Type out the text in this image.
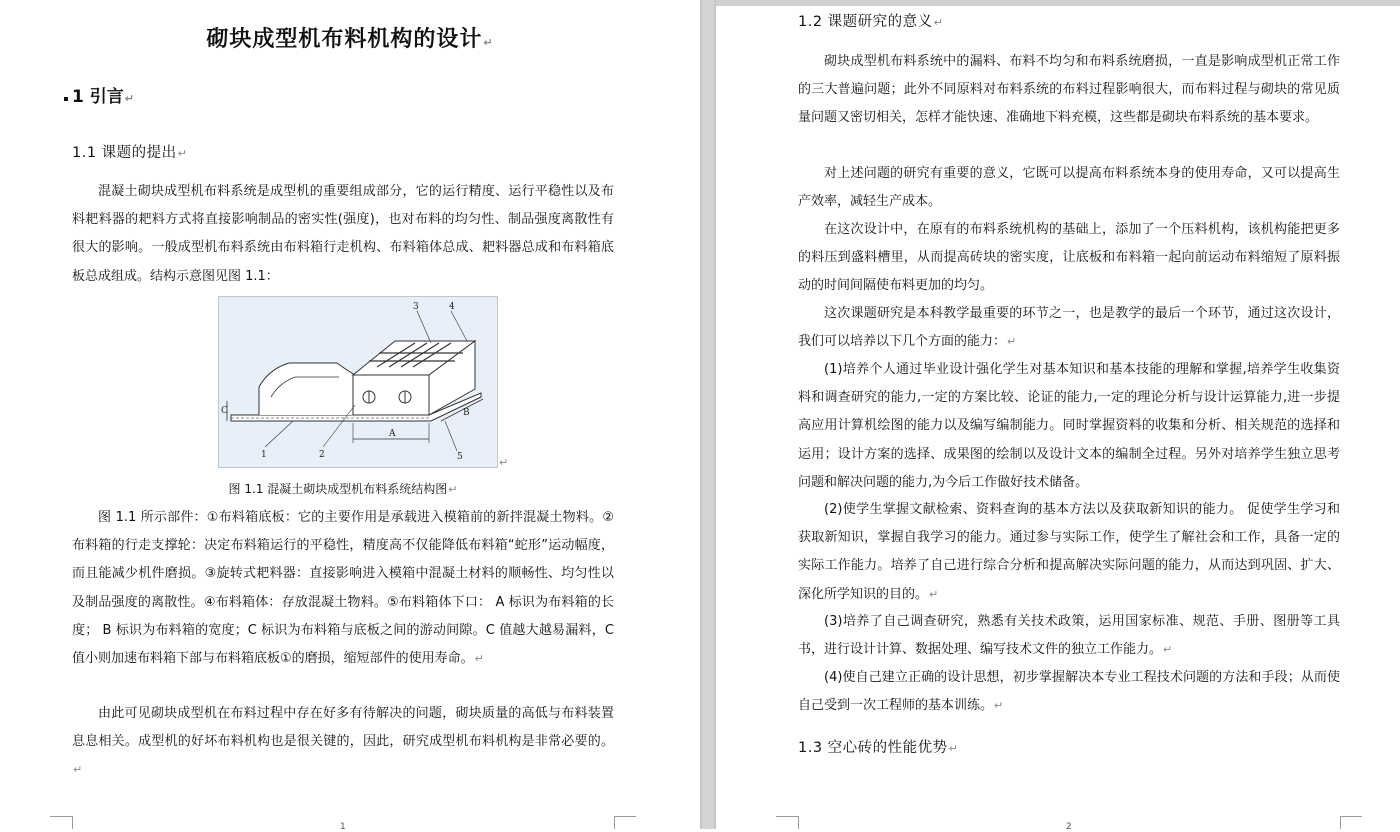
砌块成型机布料机构的设计↵
1 引言↵
1.1 课题的提出↵
混凝土砌块成型机布料系统是成型机的重要组成部分，它的运行精度、运行平稳性以及布料耙料器的耙料方式将直接影响制品的密实性(强度)，也对布料的均匀性、制品强度离散性有很大的影响。一般成型机布料系统由布料箱行走机构、布料箱体总成、耙料器总成和布料箱底板总成组成。结构示意图见图 1.1：
1	2
3	4
5
A
B
C
↵
图 1.1 混凝土砌块成型机布料系统结构图↵
图 1.1 所示部件：①布料箱底板：它的主要作用是承载进入模箱前的新拌混凝土物料。②布料箱的行走支撑轮：决定布料箱运行的平稳性，精度高不仅能降低布料箱“蛇形”运动幅度，而且能减少机件磨损。③旋转式耙料器：直接影响进入模箱中混凝土材料的顺畅性、均匀性以及制品强度的离散性。④布料箱体：存放混凝土物料。⑤布料箱体下口： A 标识为布料箱的长度； B 标识为布料箱的宽度；C 标识为布料箱与底板之间的游动间隙。C 值越大越易漏料，C 值小则加速布料箱下部与布料箱底板①的磨损，缩短部件的使用寿命。↵
由此可见砌块成型机在布料过程中存在好多有待解决的问题，砌块质量的高低与布料装置息息相关。成型机的好坏布料机构也是很关键的，因此，研究成型机布料机构是非常必要的。↵
1
1.2 课题研究的意义↵
砌块成型机布料系统中的漏料、布料不均匀和布料系统磨损，一直是影响成型机正常工作的三大普遍问题；此外不同原料对布料系统的布料过程影响很大，而布料过程与砌块的常见质量问题又密切相关，怎样才能快速、准确地下料充模，这些都是砌块布料系统的基本要求。
对上述问题的研究有重要的意义，它既可以提高布料系统本身的使用寿命，又可以提高生产效率，减轻生产成本。
在这次设计中，在原有的布料系统机构的基础上，添加了一个压料机构，该机构能把更多的料压到盛料槽里，从而提高砖块的密实度，让底板和布料箱一起向前运动布料缩短了原料振动的时间间隔使布料更加的均匀。
这次课题研究是本科教学最重要的环节之一，也是教学的最后一个环节，通过这次设计，我们可以培养以下几个方面的能力：↵
(1)培养个人通过毕业设计强化学生对基本知识和基本技能的理解和掌握,培养学生收集资料和调查研究的能力,一定的方案比较、论证的能力,一定的理论分析与设计运算能力,进一步提高应用计算机绘图的能力以及编写编制能力。同时掌握资料的收集和分析、相关规范的选择和运用；设计方案的选择、成果图的绘制以及设计文本的编制全过程。另外对培养学生独立思考问题和解决问题的能力,为今后工作做好技术储备。
(2)使学生掌握文献检索、资料查询的基本方法以及获取新知识的能力。 促使学生学习和获取新知识，掌握自我学习的能力。通过参与实际工作，使学生了解社会和工作，具备一定的实际工作能力。培养了自己进行综合分析和提高解决实际问题的能力，从而达到巩固、扩大、深化所学知识的目的。↵
(3)培养了自己调查研究，熟悉有关技术政策，运用国家标准、规范、手册、图册等工具书，进行设计计算、数据处理、编写技术文件的独立工作能力。↵
(4)使自己建立正确的设计思想，初步掌握解决本专业工程技术问题的方法和手段；从而使自己受到一次工程师的基本训练。↵
1.3 空心砖的性能优势↵
2
